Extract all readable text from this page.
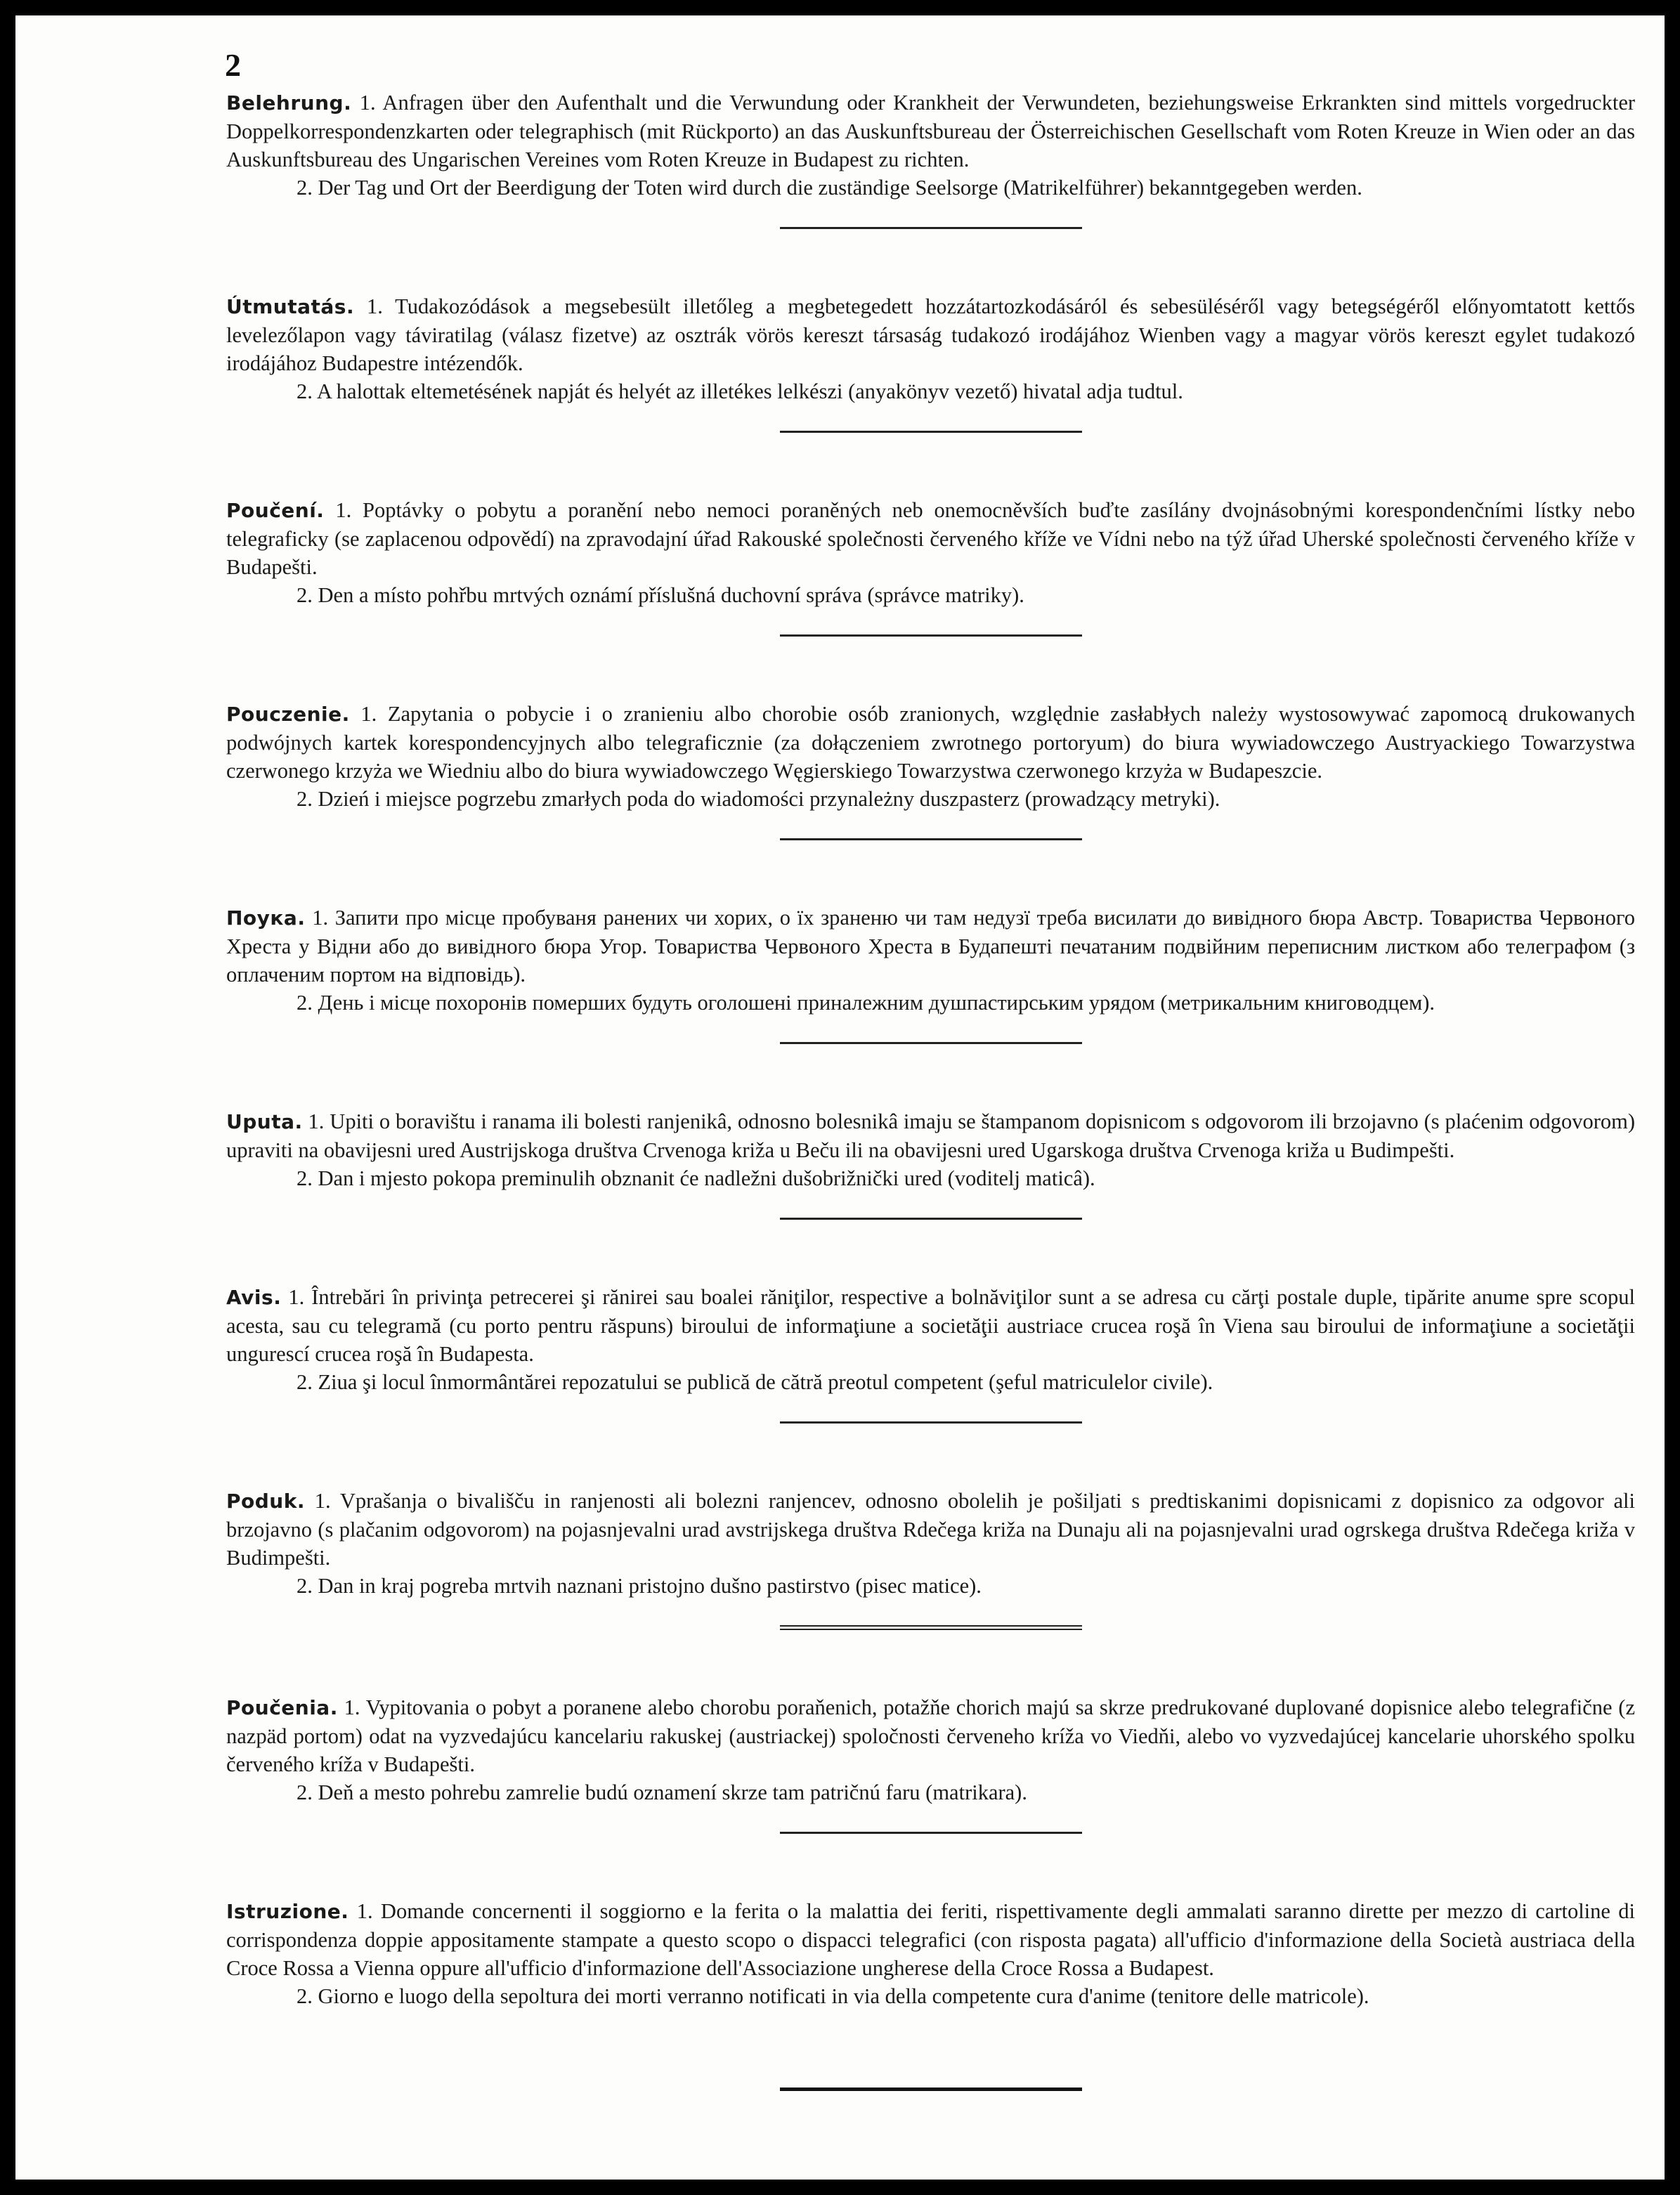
2

Belehrung. 1. Anfragen über den Aufenthalt und die Verwundung oder Krankheit der Verwundeten, beziehungsweise Erkrankten sind mittels vorgedruckter Doppelkorrespondenzkarten oder telegraphisch (mit Rückporto) an das Auskunftsbureau der Österreichischen Gesellschaft vom Roten Kreuze in Wien oder an das Auskunftsbureau des Ungarischen Vereines vom Roten Kreuze in Budapest zu richten.

2. Der Tag und Ort der Beerdigung der Toten wird durch die zuständige Seelsorge (Matrikelführer) bekanntgegeben werden.

Útmutatás. 1. Tudakozódások a megsebesült illetőleg a megbetegedett hozzátartozkodásáról és sebesüléséről vagy betegségéről előnyomtatott kettős levelezőlapon vagy táviratilag (válasz fizetve) az osztrák vörös kereszt társaság tudakozó irodájához Wienben vagy a magyar vörös kereszt egylet tudakozó irodájához Budapestre intézendők.

2. A halottak eltemetésének napját és helyét az illetékes lelkészi (anyakönyv vezető) hivatal adja tudtul.

Poučení. 1. Poptávky o pobytu a poranění nebo nemoci poraněných neb onemocněvších buďte zasílány dvojnásobnými korespondenčními lístky nebo telegraficky (se zaplacenou odpovědí) na zpravodajní úřad Rakouské společnosti červeného kříže ve Vídni nebo na týž úřad Uherské společnosti červeného kříže v Budapešti.

2. Den a místo pohřbu mrtvých oznámí příslušná duchovní správa (správce matriky).

Pouczenie. 1. Zapytania o pobycie i o zranieniu albo chorobie osób zranionych, względnie zasłabłych należy wystosowywać zapomocą drukowanych podwójnych kartek korespondencyjnych albo telegraficznie (za dołączeniem zwrotnego portoryum) do biura wywiadowczego Austryackiego Towarzystwa czerwonego krzyża we Wiedniu albo do biura wywiadowczego Węgierskiego Towarzystwa czerwonego krzyża w Budapeszcie.

2. Dzień i miejsce pogrzebu zmarłych poda do wiadomości przynależny duszpasterz (prowadzący metryki).

Поука. 1. Запити про місце пробуваня ранених чи хорих, о їх зраненю чи там недузї треба висилати до вивідного бюра Австр. Товариства Червоного Хреста у Відни або до вивідного бюра Угор. Товариства Червоного Хреста в Будапешті печатаним подвійним переписним листком або телеграфом (з оплаченим портом на відповідь).

2. День і місце похоронів померших будуть оголошені приналежним душпастирським урядом (метрикальним книговодцем).

Uputa. 1. Upiti o boravištu i ranama ili bolesti ranjenikâ, odnosno bolesnikâ imaju se štampanom dopisnicom s odgovorom ili brzojavno (s plaćenim odgovorom) upraviti na obavijesni ured Austrijskoga društva Crvenoga križa u Beču ili na obavijesni ured Ugarskoga društva Crvenoga križa u Budimpešti.

2. Dan i mjesto pokopa preminulih obznanit će nadležni dušobrižnički ured (voditelj maticâ).

Avis. 1. Întrebări în privinţa petrecerei şi rănirei sau boalei răniţilor, respective a bolnăviţilor sunt a se adresa cu cărţi postale duple, tipărite anume spre scopul acesta, sau cu telegramă (cu porto pentru răspuns) biroului de informaţiune a societăţii austriace crucea roşă în Viena sau biroului de informaţiune a societăţii ungurescí crucea roşă în Budapesta.

2. Ziua şi locul înmormântărei repozatului se publică de cătră preotul competent (şeful matriculelor civile).

Poduk. 1. Vprašanja o bivališču in ranjenosti ali bolezni ranjencev, odnosno obolelih je pošiljati s predtiskanimi dopisnicami z dopisnico za odgovor ali brzojavno (s plačanim odgovorom) na pojasnjevalni urad avstrijskega društva Rdečega križa na Dunaju ali na pojasnjevalni urad ogrskega društva Rdečega križa v Budimpešti.

2. Dan in kraj pogreba mrtvih naznani pristojno dušno pastirstvo (pisec matice).

Poučenia. 1. Vypitovania o pobyt a poranene alebo chorobu poraňenich, potažňe chorich majú sa skrze predrukované duplované dopisnice alebo telegrafične (z nazpäd portom) odat na vyzvedajúcu kancelariu rakuskej (austriackej) spoločnosti červeneho kríža vo Viedňi, alebo vo vyzvedajúcej kancelarie uhorského spolku červeného kríža v Budapešti.

2. Deň a mesto pohrebu zamrelie budú oznamení skrze tam patričnú faru (matrikara).

Istruzione. 1. Domande concernenti il soggiorno e la ferita o la malattia dei feriti, rispettivamente degli ammalati saranno dirette per mezzo di cartoline di corrispondenza doppie appositamente stampate a questo scopo o dispacci telegrafici (con risposta pagata) all'ufficio d'informazione della Società austriaca della Croce Rossa a Vienna oppure all'ufficio d'informazione dell'Associazione ungherese della Croce Rossa a Budapest.

2. Giorno e luogo della sepoltura dei morti verranno notificati in via della competente cura d'anime (tenitore delle matricole).
